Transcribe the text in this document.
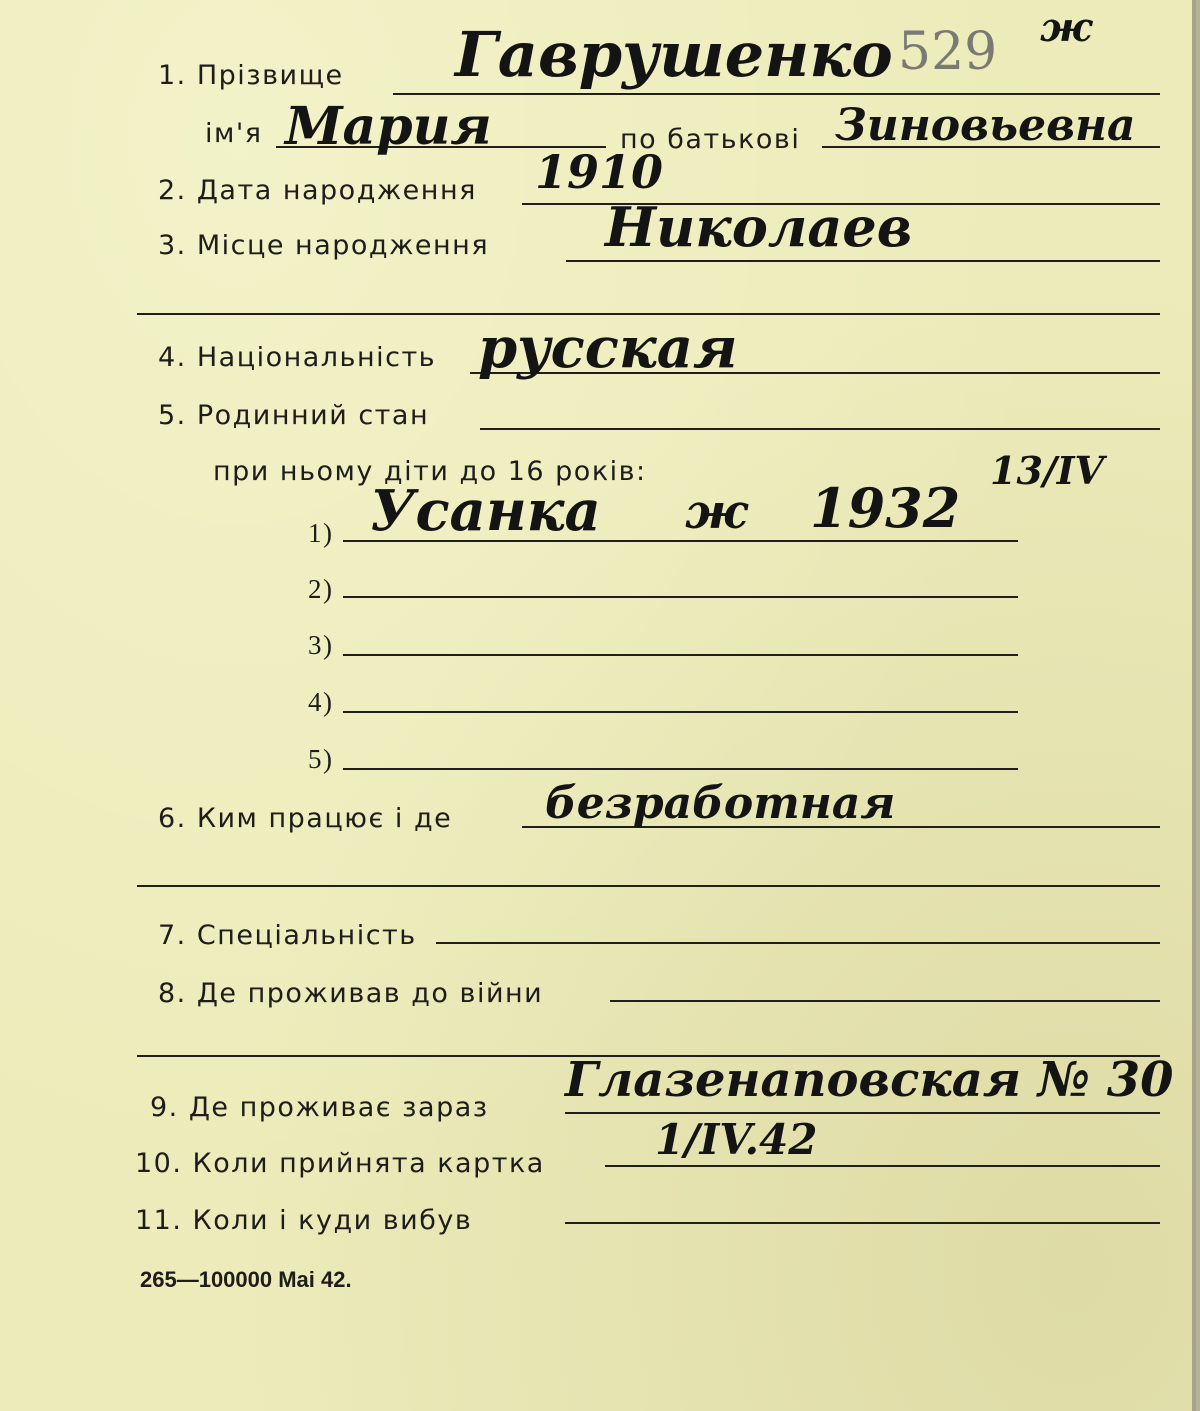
1. Прізвище Гаврушенко 529 ж
ім'я Мария	по батькові Зиновьевна
2. Дата народження 1910
3. Місце народження Николаев
4. Національність русская
5. Родинний стан
при ньому діти до 16 років:
1) Усанка ж 1932
13/IV
2)
3)
4)
5)
6. Ким працює і де безработная
7. Спеціальність
8. Де проживав до війни
9. Де проживає зараз Глазенаповская № 30
10. Коли прийнята картка	1/IV.42
11. Коли і куди вибув
265—100000 Mai 42.
